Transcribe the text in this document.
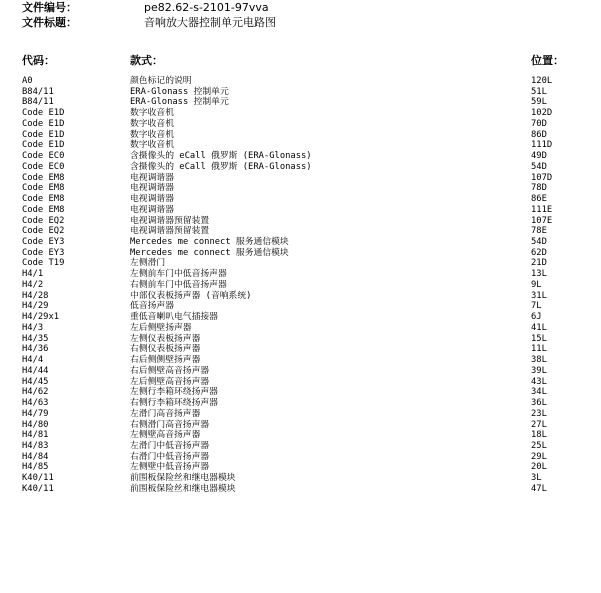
文件编号：	pe82.62-s-2101-97vva
文件标题：	音响放大器控制单元电路图
代码：	款式：	位置：
A0	颜色标记的说明	120L
B84/11	ERA-Glonass 控制单元	51L
B84/11	ERA-Glonass 控制单元	59L
Code E1D	数字收音机	102D
Code E1D	数字收音机	70D
Code E1D	数字收音机	86D
Code E1D	数字收音机	111D
Code EC0	含摄像头的 eCall 俄罗斯 (ERA-Glonass)	49D
Code EC0	含摄像头的 eCall 俄罗斯 (ERA-Glonass)	54D
Code EM8	电视调谐器	107D
Code EM8	电视调谐器	78D
Code EM8	电视调谐器	86E
Code EM8	电视调谐器	111E
Code EQ2	电视调谐器预留装置	107E
Code EQ2	电视调谐器预留装置	78E
Code EY3	Mercedes me connect 服务通信模块	54D
Code EY3	Mercedes me connect 服务通信模块	62D
Code T19	左侧滑门	21D
H4/1	左侧前车门中低音扬声器	13L
H4/2	右侧前车门中低音扬声器	9L
H4/28	中部仪表板扬声器 (音响系统)	31L
H4/29	低音扬声器	7L
H4/29x1	重低音喇叭电气插接器	6J
H4/3	左后侧壁扬声器	41L
H4/35	左侧仪表板扬声器	15L
H4/36	右侧仪表板扬声器	11L
H4/4	右后侧侧壁扬声器	38L
H4/44	右后侧壁高音扬声器	39L
H4/45	左后侧壁高音扬声器	43L
H4/62	左侧行李箱环绕扬声器	34L
H4/63	右侧行李箱环绕扬声器	36L
H4/79	左滑门高音扬声器	23L
H4/80	右侧滑门高音扬声器	27L
H4/81	左侧壁高音扬声器	18L
H4/83	左滑门中低音扬声器	25L
H4/84	右滑门中低音扬声器	29L
H4/85	左侧壁中低音扬声器	20L
K40/11	前围板保险丝和继电器模块	3L
K40/11	前围板保险丝和继电器模块	47L
